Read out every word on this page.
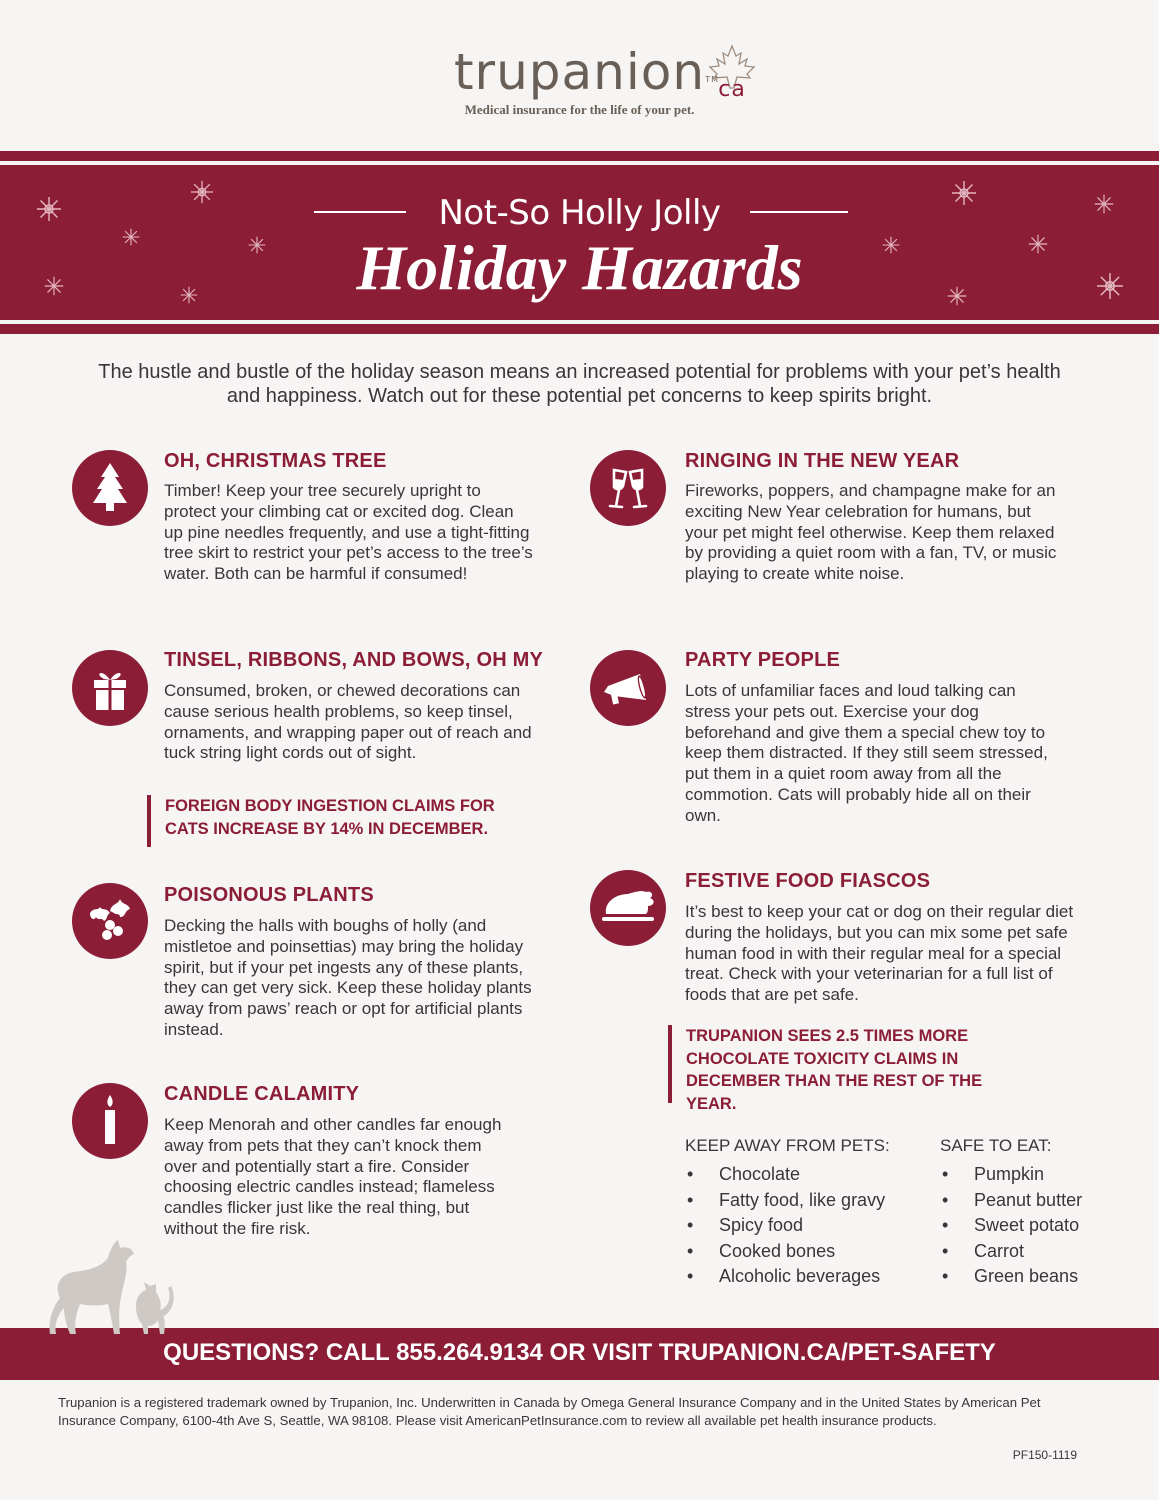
trupanion TM ca
Medical insurance for the life of your pet.
Not-So Holly Jolly
Holiday Hazards
The hustle and bustle of the holiday season means an increased potential for problems with your pet’s health and happiness. Watch out for these potential pet concerns to keep spirits bright.
OH, CHRISTMAS TREE
Timber! Keep your tree securely upright to protect your climbing cat or excited dog. Clean up pine needles frequently, and use a tight-fitting tree skirt to restrict your pet’s access to the tree’s water. Both can be harmful if consumed!
TINSEL, RIBBONS, AND BOWS, OH MY
Consumed, broken, or chewed decorations can cause serious health problems, so keep tinsel, ornaments, and wrapping paper out of reach and tuck string light cords out of sight.
FOREIGN BODY INGESTION CLAIMS FOR CATS INCREASE BY 14% IN DECEMBER.
POISONOUS PLANTS
Decking the halls with boughs of holly (and mistletoe and poinsettias) may bring the holiday spirit, but if your pet ingests any of these plants, they can get very sick. Keep these holiday plants away from paws’ reach or opt for artificial plants instead.
CANDLE CALAMITY
Keep Menorah and other candles far enough away from pets that they can’t knock them over and potentially start a fire. Consider choosing electric candles instead; flameless candles flicker just like the real thing, but without the fire risk.
RINGING IN THE NEW YEAR
Fireworks, poppers, and champagne make for an exciting New Year celebration for humans, but your pet might feel otherwise. Keep them relaxed by providing a quiet room with a fan, TV, or music playing to create white noise.
PARTY PEOPLE
Lots of unfamiliar faces and loud talking can stress your pets out. Exercise your dog beforehand and give them a special chew toy to keep them distracted. If they still seem stressed, put them in a quiet room away from all the commotion. Cats will probably hide all on their own.
FESTIVE FOOD FIASCOS
It’s best to keep your cat or dog on their regular diet during the holidays, but you can mix some pet safe human food in with their regular meal for a special treat. Check with your veterinarian for a full list of foods that are pet safe.
TRUPANION SEES 2.5 TIMES MORE CHOCOLATE TOXICITY CLAIMS IN DECEMBER THAN THE REST OF THE YEAR.
KEEP AWAY FROM PETS:
• Chocolate
• Fatty food, like gravy
• Spicy food
• Cooked bones
• Alcoholic beverages
SAFE TO EAT:
• Pumpkin
• Peanut butter
• Sweet potato
• Carrot
• Green beans
QUESTIONS? CALL 855.264.9134 OR VISIT TRUPANION.CA/PET-SAFETY
Trupanion is a registered trademark owned by Trupanion, Inc. Underwritten in Canada by Omega General Insurance Company and in the United States by American Pet Insurance Company, 6100-4th Ave S, Seattle, WA 98108. Please visit AmericanPetInsurance.com to review all available pet health insurance products.
PF150-1119
